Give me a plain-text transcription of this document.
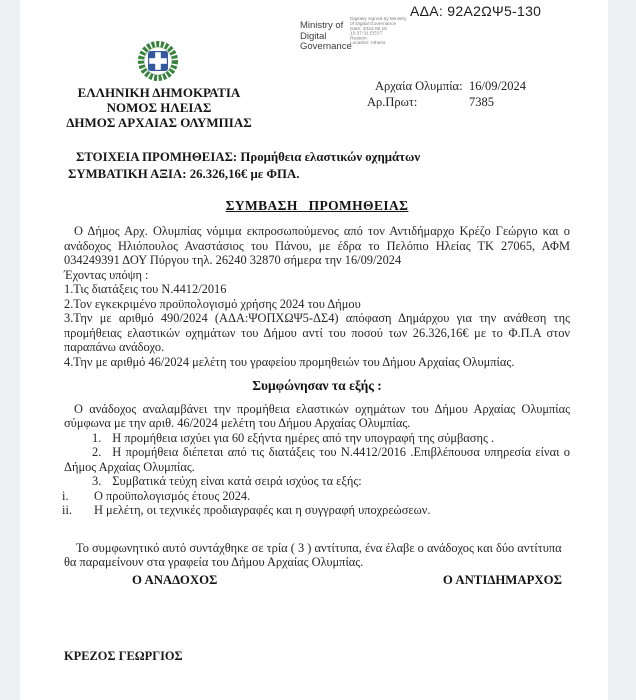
ΑΔΑ: 92Α2ΩΨ5-130
Ministry of
Digital
Governance
Digitally signed by Ministry
of Digital Governance
Date: 2024.09.16
10:37:31 EEST
Reason:
Location: Athens
ΕΛΛΗΝΙΚΗ ΔΗΜΟΚΡΑΤΙΑ
ΝΟΜΟΣ ΗΛΕΙΑΣ
ΔΗΜΟΣ ΑΡΧΑΙΑΣ ΟΛΥΜΠΙΑΣ
Αρχαία Ολυμπία: 16/09/2024
Αρ.Πρωτ:	7385
ΣΤΟΙΧΕΙΑ ΠΡΟΜΗΘΕΙΑΣ: Προμήθεια ελαστικών οχημάτων
ΣΥΜΒΑΤΙΚΗ ΑΞΙΑ: 26.326,16€ με ΦΠΑ.
ΣΥΜΒΑΣΗ ΠΡΟΜΗΘΕΙΑΣ

Ο Δήμος Αρχ. Ολυμπίας νόμιμα εκπροσωπούμενος από τον Αντιδήμαρχο Κρέζο Γεώργιο και ο ανάδοχος Ηλιόπουλος Αναστάσιος του Πάνου, με έδρα το Πελόπιο Ηλείας ΤΚ 27065, ΑΦΜ 034249391 ΔΟΥ Πύργου τηλ. 26240 32870 σήμερα την 16/09/2024

Έχοντας υπόψη :

1.Τις διατάξεις του Ν.4412/2016

2.Τον εγκεκριμένο προϋπολογισμό χρήσης 2024 του Δήμου

3.Την με αριθμό 490/2024 (ΑΔΑ:ΨΟΠΧΩΨ5-ΔΣ4) απόφαση Δημάρχου για την ανάθεση της προμήθειας ελαστικών οχημάτων του Δήμου αντί του ποσού των 26.326,16€ με το Φ.Π.Α στον παραπάνω ανάδοχο.

4.Την με αριθμό 46/2024 μελέτη του γραφείου προμηθειών του Δήμου Αρχαίας Ολυμπίας.

Συμφώνησαν τα εξής :

Ο ανάδοχος αναλαμβάνει την προμήθεια ελαστικών οχημάτων του Δήμου Αρχαίας Ολυμπίας σύμφωνα με την αριθ. 46/2024 μελέτη του Δήμου Αρχαίας Ολυμπίας.

1. Η προμήθεια ισχύει για 60 εξήντα ημέρες από την υπογραφή της σύμβασης .

2. Η προμήθεια διέπεται από τις διατάξεις του Ν.4412/2016 .Επιβλέπουσα υπηρεσία είναι ο Δήμος Αρχαίας Ολυμπίας.

3. Συμβατικά τεύχη είναι κατά σειρά ισχύος τα εξής:

i.	Ο προϋπολογισμός έτους 2024.

ii.	Η μελέτη, οι τεχνικές προδιαγραφές και η συγγραφή υποχρεώσεων.

Το συμφωνητικό αυτό συντάχθηκε σε τρία ( 3 ) αντίτυπα, ένα έλαβε ο ανάδοχος και δύο αντίτυπα θα παραμείνουν στα γραφεία του Δήμου Αρχαίας Ολυμπίας.

Ο ΑΝΑΔΟΧΟΣ	Ο ΑΝΤΙΔΗΜΑΡΧΟΣ

ΚΡΕΖΟΣ ΓΕΩΡΓΙΟΣ
